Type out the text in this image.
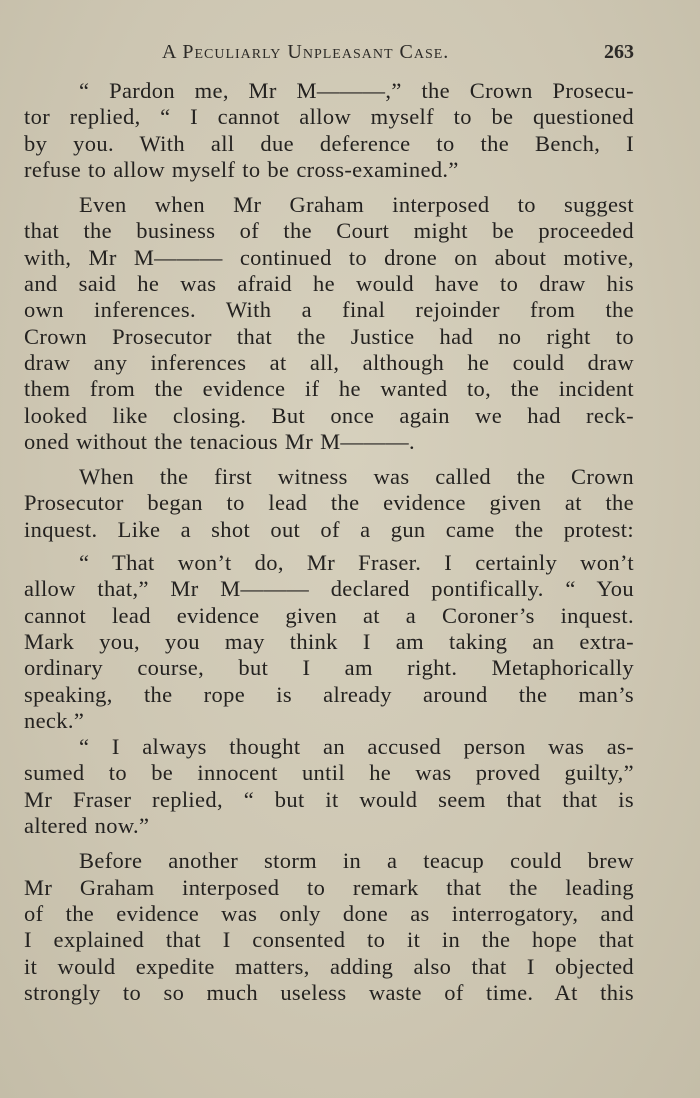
A Peculiarly Unpleasant Case.	263
“ Pardon me, Mr M———,” the Crown Prosecu-
tor replied, “ I cannot allow myself to be questioned
by you. With all due deference to the Bench, I
refuse to allow myself to be cross-examined.”
Even when Mr Graham interposed to suggest
that the business of the Court might be proceeded
with, Mr M——— continued to drone on about motive,
and said he was afraid he would have to draw his
own inferences. With a final rejoinder from the
Crown Prosecutor that the Justice had no right to
draw any inferences at all, although he could draw
them from the evidence if he wanted to, the incident
looked like closing. But once again we had reck-
oned without the tenacious Mr M———.
When the first witness was called the Crown
Prosecutor began to lead the evidence given at the
inquest. Like a shot out of a gun came the protest:
“ That won’t do, Mr Fraser. I certainly won’t
allow that,” Mr M——— declared pontifically. “ You
cannot lead evidence given at a Coroner’s inquest.
Mark you, you may think I am taking an extra-
ordinary course, but I am right. Metaphorically
speaking, the rope is already around the man’s
neck.”
“ I always thought an accused person was as-
sumed to be innocent until he was proved guilty,”
Mr Fraser replied, “ but it would seem that that is
altered now.”
Before another storm in a teacup could brew
Mr Graham interposed to remark that the leading
of the evidence was only done as interrogatory, and
I explained that I consented to it in the hope that
it would expedite matters, adding also that I objected
strongly to so much useless waste of time. At this
